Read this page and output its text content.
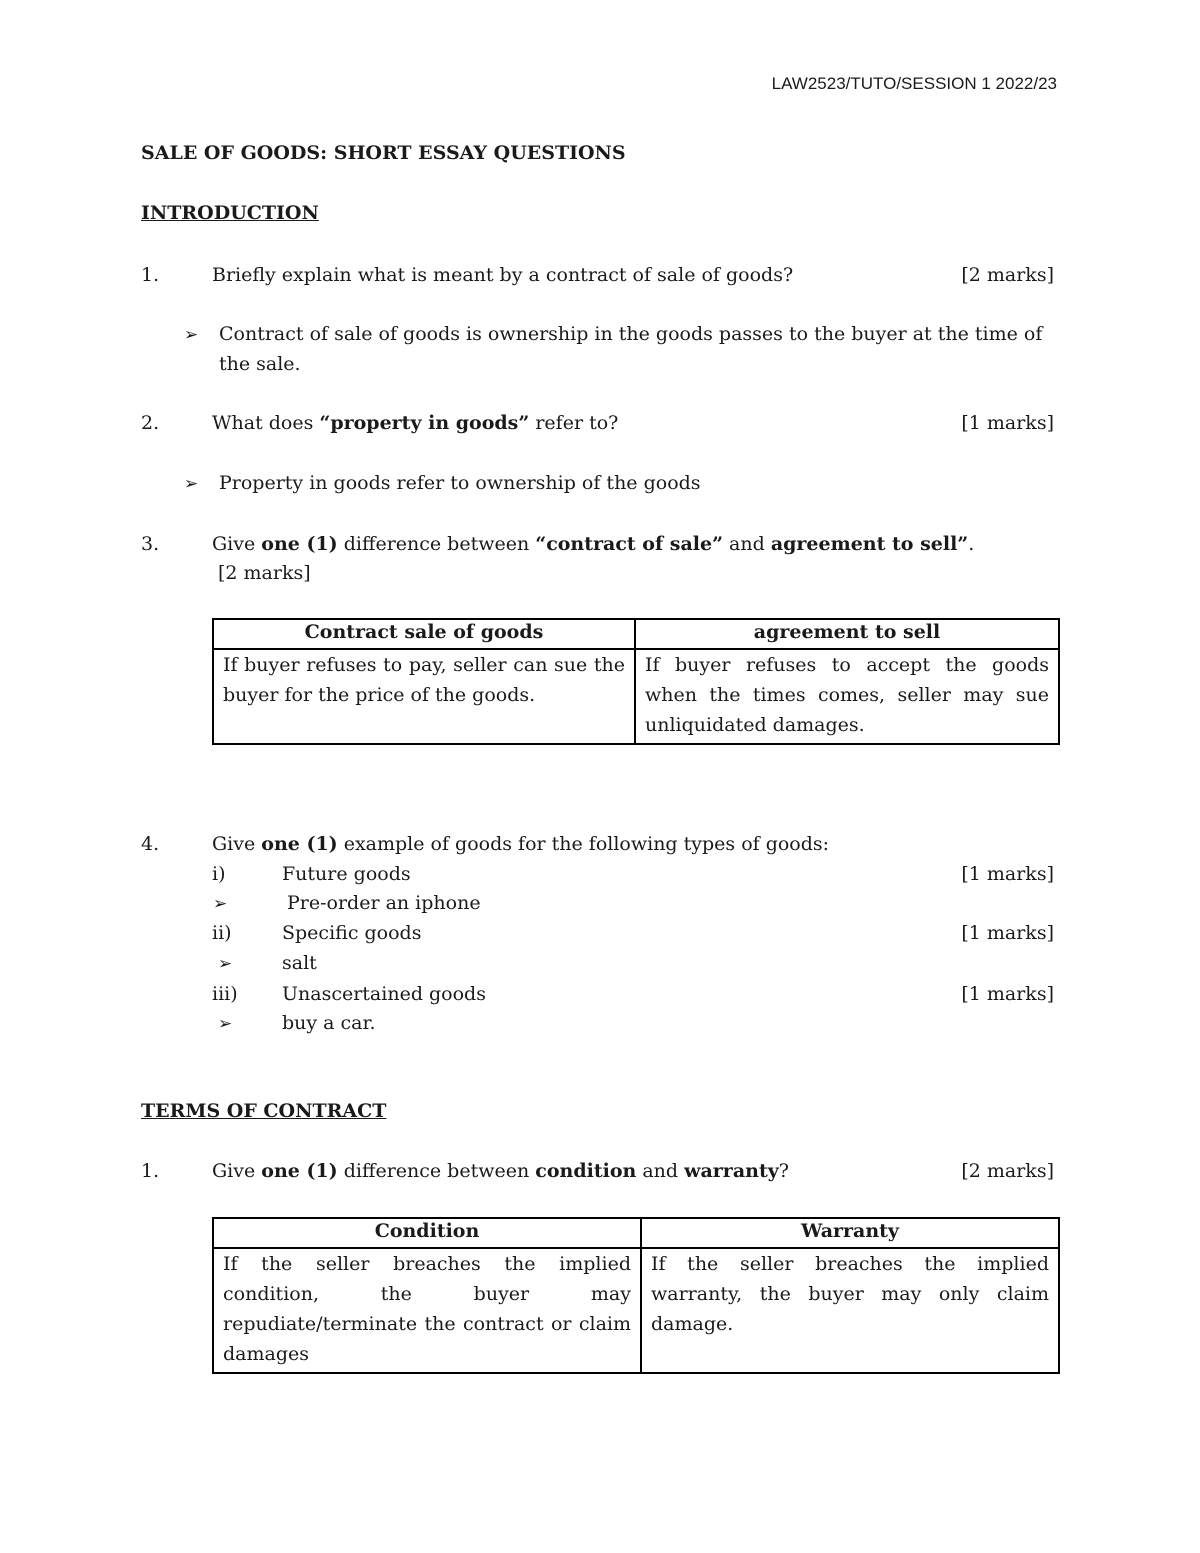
LAW2523/TUTO/SESSION 1 2022/23
SALE OF GOODS: SHORT ESSAY QUESTIONS
INTRODUCTION
1.	Briefly explain what is meant by a contract of sale of goods?	[2 marks]
➢ Contract of sale of goods is ownership in the goods passes to the buyer at the time of the sale.
2.	What does “property in goods” refer to?	[1 marks]
➢ Property in goods refer to ownership of the goods
3.	Give one (1) difference between “contract of sale” and agreement to sell”.
[2 marks]
Contract sale of goods	agreement to sell
If buyer refuses to pay, seller can sue the buyer for the price of the goods.	If buyer refuses to accept the goods when the times comes, seller may sue unliquidated damages.
4.	Give one (1) example of goods for the following types of goods:
i)	Future goods	[1 marks]
➢	Pre-order an iphone
ii)	Specific goods	[1 marks]
➢	salt
iii) Unascertained goods	[1 marks]
➢	buy a car.
TERMS OF CONTRACT
1.	Give one (1) difference between condition and warranty?	[2 marks]
Condition	Warranty
If the seller breaches the implied condition, the buyer may repudiate/terminate the contract or claim damages	If the seller breaches the implied warranty, the buyer may only claim damage.
